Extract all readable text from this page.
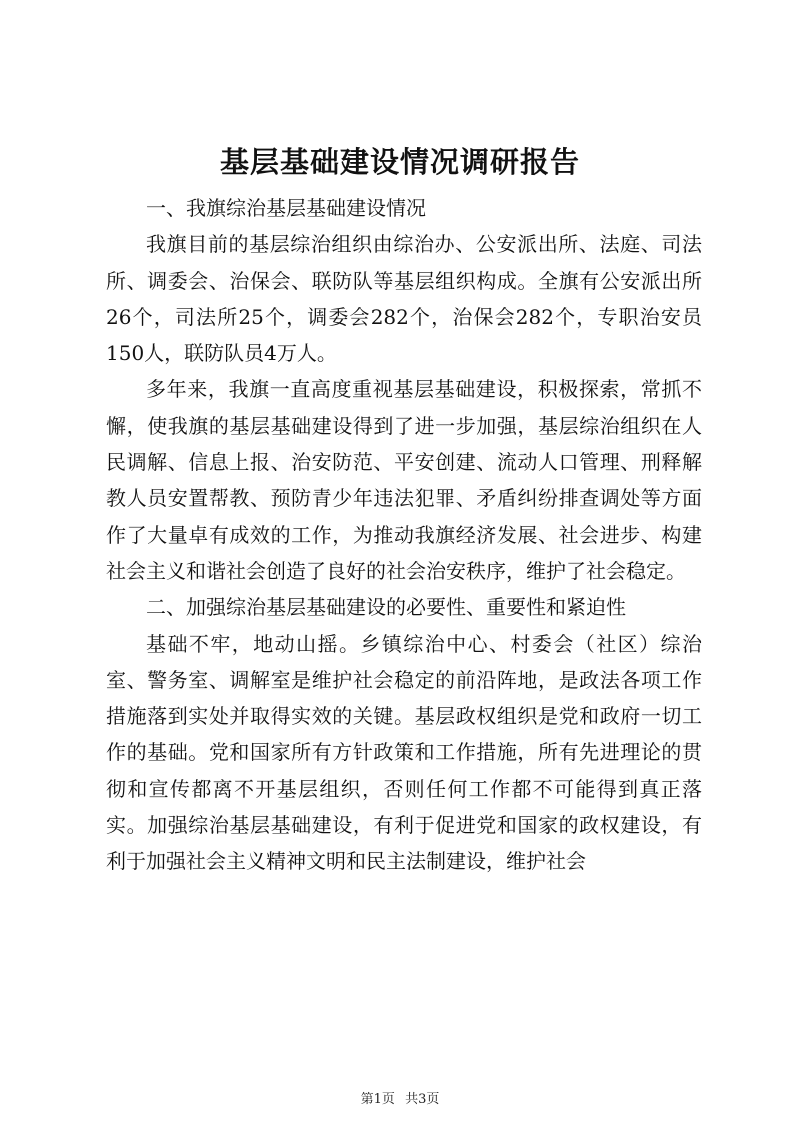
基层基础建设情况调研报告

一、我旗综治基层基础建设情况

我旗目前的基层综治组织由综治办、公安派出所、法庭、司法所、调委会、治保会、联防队等基层组织构成。全旗有公安派出所26个，司法所25个，调委会282个，治保会282个，专职治安员150人，联防队员4万人。

多年来，我旗一直高度重视基层基础建设，积极探索，常抓不懈，使我旗的基层基础建设得到了进一步加强，基层综治组织在人民调解、信息上报、治安防范、平安创建、流动人口管理、刑释解教人员安置帮教、预防青少年违法犯罪、矛盾纠纷排查调处等方面作了大量卓有成效的工作，为推动我旗经济发展、社会进步、构建社会主义和谐社会创造了良好的社会治安秩序，维护了社会稳定。

二、加强综治基层基础建设的必要性、重要性和紧迫性

基础不牢，地动山摇。乡镇综治中心、村委会（社区）综治室、警务室、调解室是维护社会稳定的前沿阵地，是政法各项工作措施落到实处并取得实效的关键。基层政权组织是党和政府一切工作的基础。党和国家所有方针政策和工作措施，所有先进理论的贯彻和宣传都离不开基层组织，否则任何工作都不可能得到真正落实。加强综治基层基础建设，有利于促进党和国家的政权建设，有利于加强社会主义精神文明和民主法制建设，维护社会

第1页 共3页
